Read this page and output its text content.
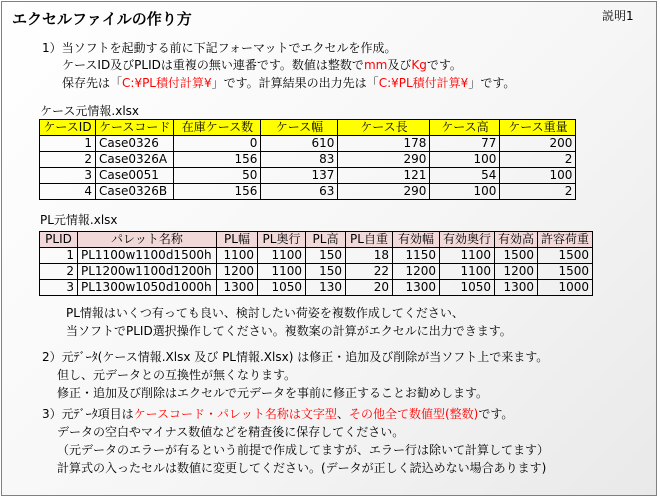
エクセルファイルの作り方	説明1
1）当ソフトを起動する前に下記フォーマットでエクセルを作成。
ケースID及びPLIDは重複の無い連番です。数値は整数でmm及びKgです。
保存先は「C:¥PL積付計算¥」です。計算結果の出力先は「C:¥PL積付計算¥」です。
ケース元情報.xlsx
ケースID	ケースコード	在庫ケース数	ケース幅	ケース長	ケース高	ケース重量
1	Case0326	0	610	178	77	200
2	Case0326A	156	83	290	100	2
3	Case0051	50	137	121	54	100
4	Case0326B	156	63	290	100	2
PL元情報.xlsx
PLID	パレット名称	PL幅	PL奥行	PL高	PL自重	有効幅	有効奥行	有効高	許容荷重
1	PL1100w1100d1500h	1100	1100	150	18	1150	1100	1500	1500
2	PL1200w1100d1200h	1200	1100	150	22	1200	1100	1200	1500
3	PL1300w1050d1000h	1300	1050	130	20	1300	1050	1300	1000
PL情報はいくつ有っても良い、検討したい荷姿を複数作成してください、
当ソフトでPLID選択操作してください。複数案の計算がエクセルに出力できます。
2）元ﾃﾞｰﾀ(ケース情報.Xlsx 及び PL情報.Xlsx) は修正・追加及び削除が当ソフト上で来ます。
但し、元データとの互換性が無くなります。
修正・追加及び削除はエクセルで元データを事前に修正することお勧めします。
3）元ﾃﾞｰﾀ項目はケースコード・パレット名称は文字型、その他全て数値型(整数)です。
データの空白やマイナス数値などを精査後に保存してください。
（元データのエラーが有るという前提で作成してますが、エラー行は除いて計算してます）
計算式の入ったセルは数値に変更してください。(データが正しく読込めない場合あります)
